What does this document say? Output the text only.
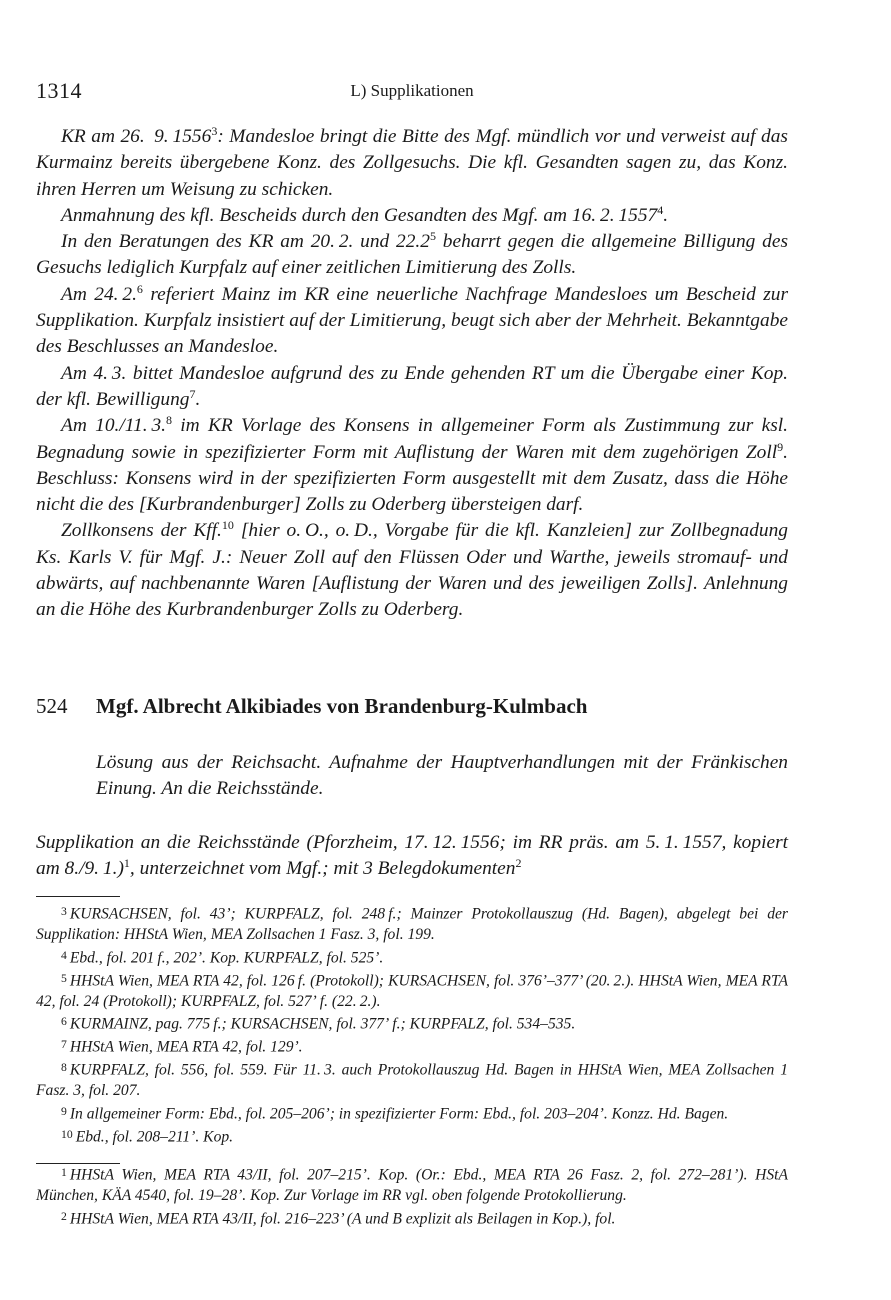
1314	L) Supplikationen

KR am 26.  9. 1556$^3$: Mandesloe bringt die Bitte des Mgf. mündlich vor und verweist auf das Kurmainz bereits übergebene Konz. des Zollgesuchs. Die kfl. Gesandten sagen zu, das Konz. ihren Herren um Weisung zu schicken.

Anmahnung des kfl. Bescheids durch den Gesandten des Mgf. am 16. 2. 1557$^4$.

In den Beratungen des KR am 20. 2. und 22.2$^5$ beharrt gegen die allgemeine Billigung des Gesuchs lediglich Kurpfalz auf einer zeitlichen Limitierung des Zolls.

Am 24. 2.$^6$ referiert Mainz im KR eine neuerliche Nachfrage Mandesloes um Bescheid zur Supplikation. Kurpfalz insistiert auf der Limitierung, beugt sich aber der Mehrheit. Bekanntgabe des Beschlusses an Mandesloe.

Am 4. 3. bittet Mandesloe aufgrund des zu Ende gehenden RT um die Übergabe einer Kop. der kfl. Bewilligung$^7$.

Am 10./11. 3.$^8$ im KR Vorlage des Konsens in allgemeiner Form als Zustimmung zur ksl. Begnadung sowie in spezifizierter Form mit Auflistung der Waren mit dem zugehörigen Zoll$^9$. Beschluss: Konsens wird in der spezifizierten Form ausgestellt mit dem Zusatz, dass die Höhe nicht die des [Kurbrandenburger] Zolls zu Oderberg übersteigen darf.

Zollkonsens der Kff.$^{10}$ [hier o. O., o. D., Vorgabe für die kfl. Kanzleien] zur Zollbegnadung Ks. Karls V. für Mgf. J.: Neuer Zoll auf den Flüssen Oder und Warthe, jeweils stromauf- und abwärts, auf nachbenannte Waren [Auflistung der Waren und des jeweiligen Zolls]. Anlehnung an die Höhe des Kurbrandenburger Zolls zu Oderberg.

524 Mgf. Albrecht Alkibiades von Brandenburg-Kulmbach
Lösung aus der Reichsacht. Aufnahme der Hauptverhandlungen mit der Fränkischen Einung. An die Reichsstände.
Supplikation an die Reichsstände (Pforzheim, 17. 12. 1556; im RR präs. am 5. 1. 1557, kopiert am 8./9. 1.)$^1$, unterzeichnet vom Mgf.; mit 3 Belegdokumenten$^2$

$^3$ KURSACHSEN, fol. 43’; KURPFALZ, fol. 248 f.; Mainzer Protokollauszug (Hd. Bagen), abgelegt bei der Supplikation: HHStA Wien, MEA Zollsachen 1 Fasz. 3, fol. 199.

$^4$ Ebd., fol. 201 f., 202’. Kop. KURPFALZ, fol. 525’.

$^5$ HHStA Wien, MEA RTA 42, fol. 126 f. (Protokoll); KURSACHSEN, fol. 376’–377’ (20. 2.). HHStA Wien, MEA RTA 42, fol. 24 (Protokoll); KURPFALZ, fol. 527’ f. (22. 2.).

$^6$ KURMAINZ, pag. 775 f.; KURSACHSEN, fol. 377’ f.; KURPFALZ, fol. 534–535.

$^7$ HHStA Wien, MEA RTA 42, fol. 129’.

$^8$ KURPFALZ, fol. 556, fol. 559. Für 11. 3. auch Protokollauszug Hd. Bagen in HHStA Wien, MEA Zollsachen 1 Fasz. 3, fol. 207.

$^9$ In allgemeiner Form: Ebd., fol. 205–206’; in spezifizierter Form: Ebd., fol. 203–204’. Konzz. Hd. Bagen.

$^{10}$ Ebd., fol. 208–211’. Kop.

$^1$ HHStA Wien, MEA RTA 43/II, fol. 207–215’. Kop. (Or.: Ebd., MEA RTA 26 Fasz. 2, fol. 272–281’). HStA München, KÄA 4540, fol. 19–28’. Kop. Zur Vorlage im RR vgl. oben folgende Protokollierung.

$^2$ HHStA Wien, MEA RTA 43/II, fol. 216–223’ (A und B explizit als Beilagen in Kop.), fol.
